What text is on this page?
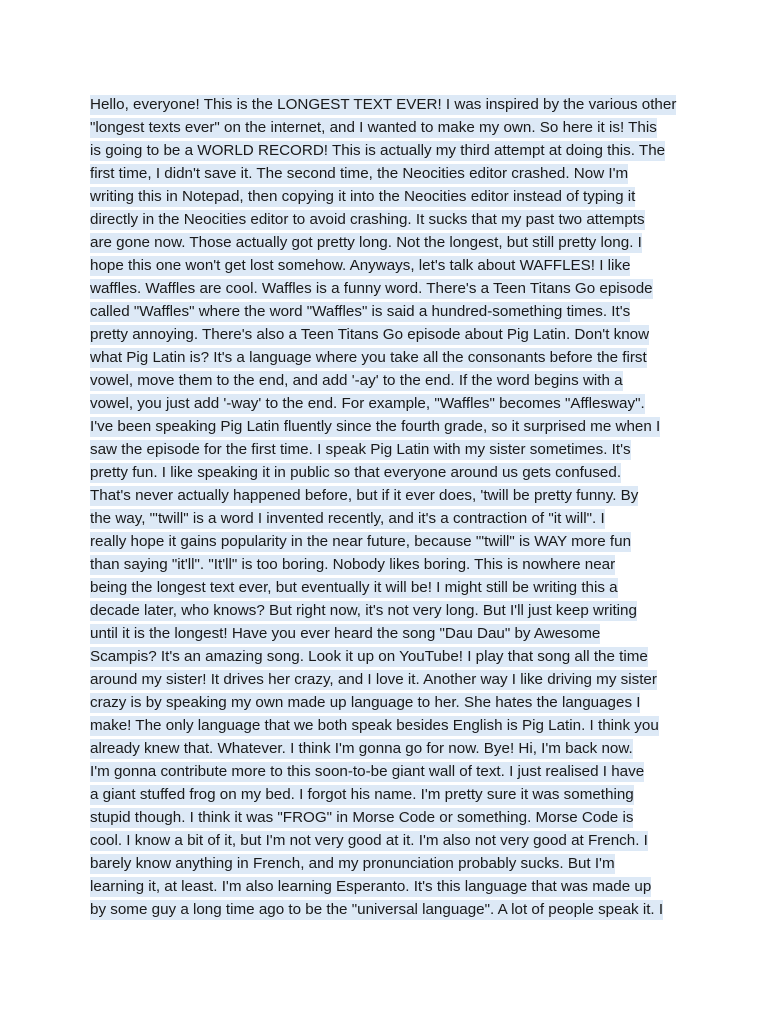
Hello, everyone! This is the LONGEST TEXT EVER! I was inspired by the various other
"longest texts ever" on the internet, and I wanted to make my own. So here it is! This
is going to be a WORLD RECORD! This is actually my third attempt at doing this. The
first time, I didn't save it. The second time, the Neocities editor crashed. Now I'm
writing this in Notepad, then copying it into the Neocities editor instead of typing it
directly in the Neocities editor to avoid crashing. It sucks that my past two attempts
are gone now. Those actually got pretty long. Not the longest, but still pretty long. I
hope this one won't get lost somehow. Anyways, let's talk about WAFFLES! I like
waffles. Waffles are cool. Waffles is a funny word. There's a Teen Titans Go episode
called "Waffles" where the word "Waffles" is said a hundred-something times. It's
pretty annoying. There's also a Teen Titans Go episode about Pig Latin. Don't know
what Pig Latin is? It's a language where you take all the consonants before the first
vowel, move them to the end, and add '-ay' to the end. If the word begins with a
vowel, you just add '-way' to the end. For example, "Waffles" becomes "Afflesway".
I've been speaking Pig Latin fluently since the fourth grade, so it surprised me when I
saw the episode for the first time. I speak Pig Latin with my sister sometimes. It's
pretty fun. I like speaking it in public so that everyone around us gets confused.
That's never actually happened before, but if it ever does, 'twill be pretty funny. By
the way, "'twill" is a word I invented recently, and it's a contraction of "it will". I
really hope it gains popularity in the near future, because "'twill" is WAY more fun
than saying "it'll". "It'll" is too boring. Nobody likes boring. This is nowhere near
being the longest text ever, but eventually it will be! I might still be writing this a
decade later, who knows? But right now, it's not very long. But I'll just keep writing
until it is the longest! Have you ever heard the song "Dau Dau" by Awesome
Scampis? It's an amazing song. Look it up on YouTube! I play that song all the time
around my sister! It drives her crazy, and I love it. Another way I like driving my sister
crazy is by speaking my own made up language to her. She hates the languages I
make! The only language that we both speak besides English is Pig Latin. I think you
already knew that. Whatever. I think I'm gonna go for now. Bye! Hi, I'm back now.
I'm gonna contribute more to this soon-to-be giant wall of text. I just realised I have
a giant stuffed frog on my bed. I forgot his name. I'm pretty sure it was something
stupid though. I think it was "FROG" in Morse Code or something. Morse Code is
cool. I know a bit of it, but I'm not very good at it. I'm also not very good at French. I
barely know anything in French, and my pronunciation probably sucks. But I'm
learning it, at least. I'm also learning Esperanto. It's this language that was made up
by some guy a long time ago to be the "universal language". A lot of people speak it. I
